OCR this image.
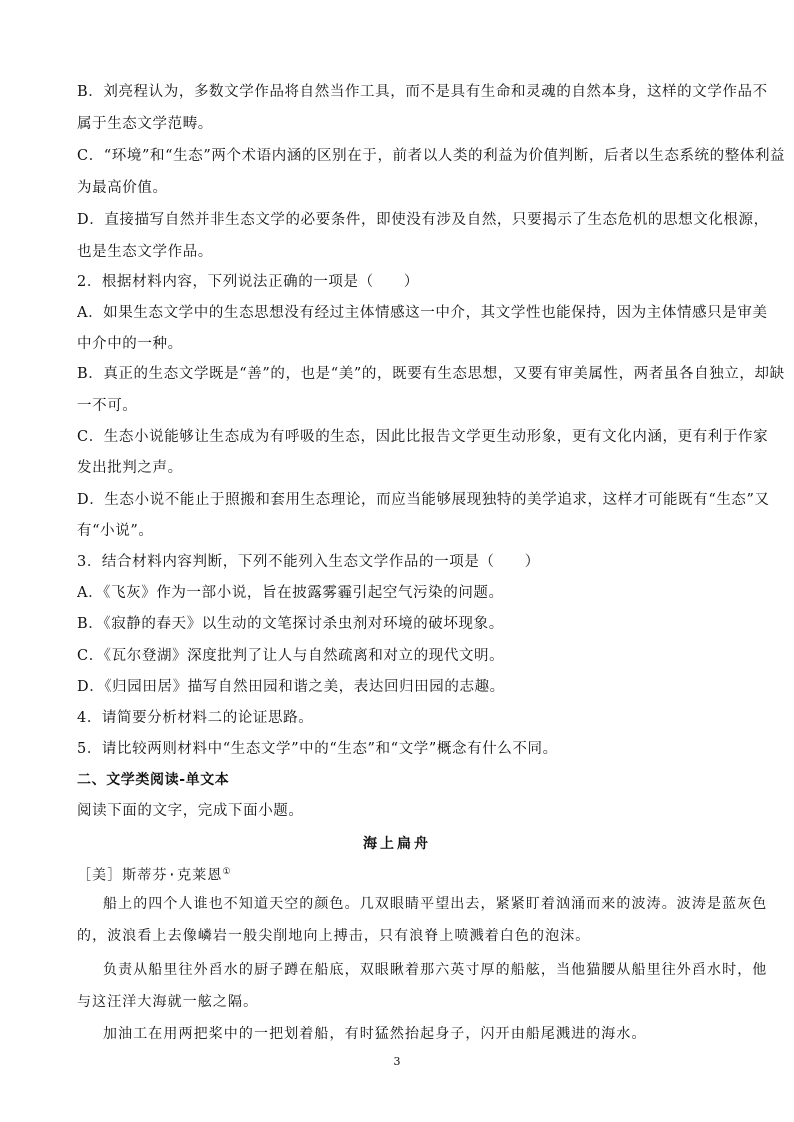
B．刘亮程认为，多数文学作品将自然当作工具，而不是具有生命和灵魂的自然本身，这样的文学作品不
属于生态文学范畴。
C．“环境”和“生态”两个术语内涵的区别在于，前者以人类的利益为价值判断，后者以生态系统的整体利益
为最高价值。
D．直接描写自然并非生态文学的必要条件，即使没有涉及自然，只要揭示了生态危机的思想文化根源，
也是生态文学作品。
2．根据材料内容，下列说法正确的一项是（　　）
A．如果生态文学中的生态思想没有经过主体情感这一中介，其文学性也能保持，因为主体情感只是审美
中介中的一种。
B．真正的生态文学既是“善”的，也是“美”的，既要有生态思想，又要有审美属性，两者虽各自独立，却缺
一不可。
C．生态小说能够让生态成为有呼吸的生态，因此比报告文学更生动形象，更有文化内涵，更有利于作家
发出批判之声。
D．生态小说不能止于照搬和套用生态理论，而应当能够展现独特的美学追求，这样才可能既有“生态”又
有“小说”。
3．结合材料内容判断，下列不能列入生态文学作品的一项是（　　）
A．《飞灰》作为一部小说，旨在披露雾霾引起空气污染的问题。
B．《寂静的春天》以生动的文笔探讨杀虫剂对环境的破坏现象。
C．《瓦尔登湖》深度批判了让人与自然疏离和对立的现代文明。
D．《归园田居》描写自然田园和谐之美，表达回归田园的志趣。
4．请简要分析材料二的论证思路。
5．请比较两则材料中“生态文学”中的“生态”和“文学”概念有什么不同。
二、文学类阅读-单文本
阅读下面的文字，完成下面小题。
海上扁舟
［美］斯蒂芬·克莱恩①
船上的四个人谁也不知道天空的颜色。几双眼睛平望出去，紧紧盯着汹涌而来的波涛。波涛是蓝灰色
的，波浪看上去像嶙岩一般尖削地向上搏击，只有浪脊上喷溅着白色的泡沫。
负责从船里往外舀水的厨子蹲在船底，双眼瞅着那六英寸厚的船舷，当他猫腰从船里往外舀水时，他
与这汪洋大海就一舷之隔。
加油工在用两把桨中的一把划着船，有时猛然抬起身子，闪开由船尾溅进的海水。
3
